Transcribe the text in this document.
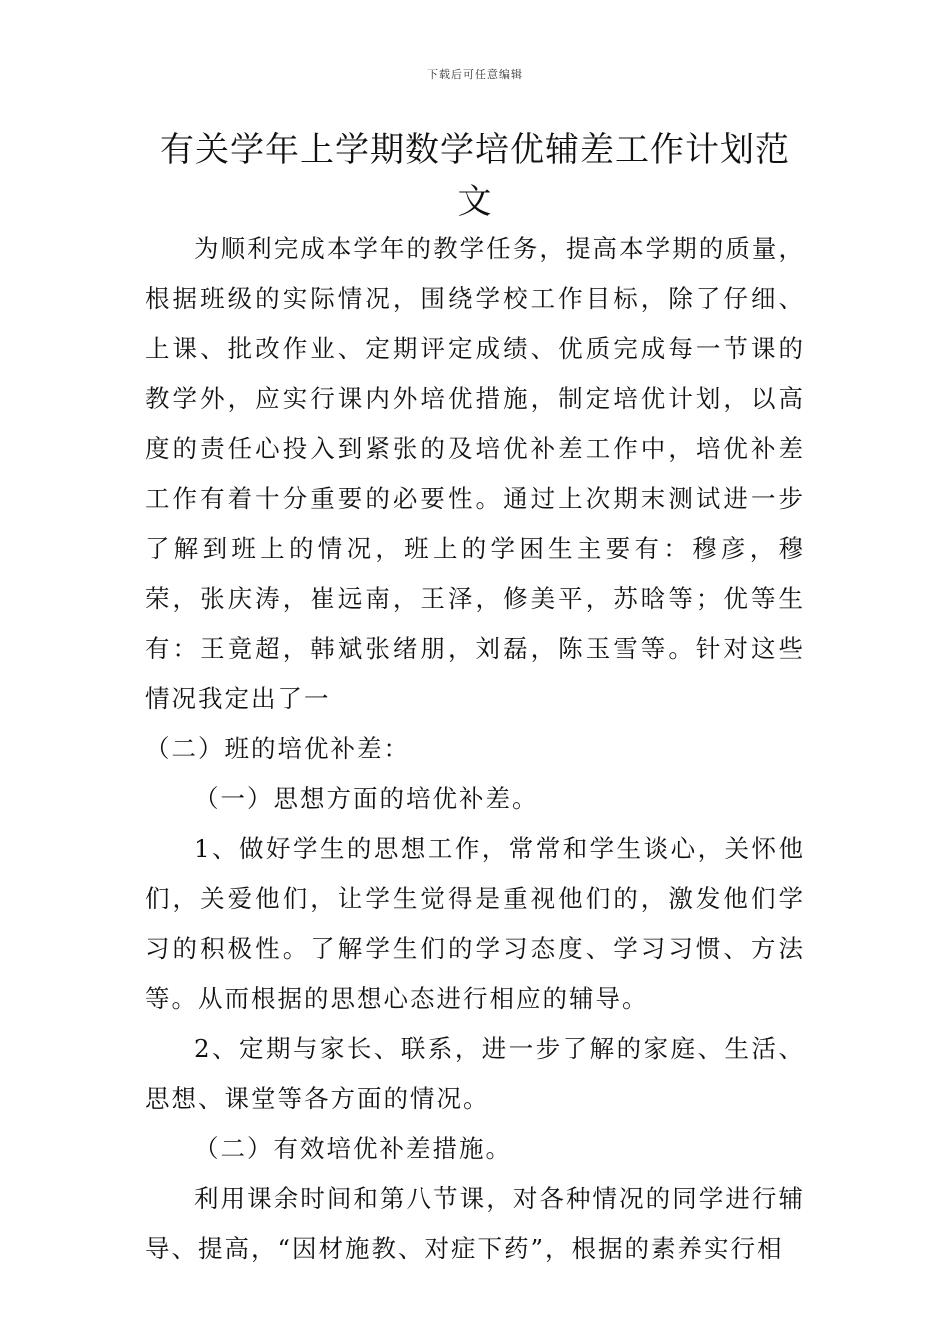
下载后可任意编辑
有关学年上学期数学培优辅差工作计划范文

为顺利完成本学年的教学任务，提高本学期的质量，根据班级的实际情况，围绕学校工作目标，除了仔细、上课、批改作业、定期评定成绩、优质完成每一节课的教学外，应实行课内外培优措施，制定培优计划，以高度的责任心投入到紧张的及培优补差工作中，培优补差工作有着十分重要的必要性。通过上次期末测试进一步了解到班上的情况，班上的学困生主要有：穆彦，穆荣，张庆涛，崔远南，王泽，修美平，苏晗等；优等生有：王竟超，韩斌张绪朋，刘磊，陈玉雪等。针对这些情况我定出了一

（二）班的培优补差：

（一）思想方面的培优补差。

1、做好学生的思想工作，常常和学生谈心，关怀他们，关爱他们，让学生觉得是重视他们的，激发他们学习的积极性。了解学生们的学习态度、学习习惯、方法等。从而根据的思想心态进行相应的辅导。

2、定期与家长、联系，进一步了解的家庭、生活、思想、课堂等各方面的情况。

（二）有效培优补差措施。

利用课余时间和第八节课，对各种情况的同学进行辅导、提高，“因材施教、对症下药”，根据的素养实行相
